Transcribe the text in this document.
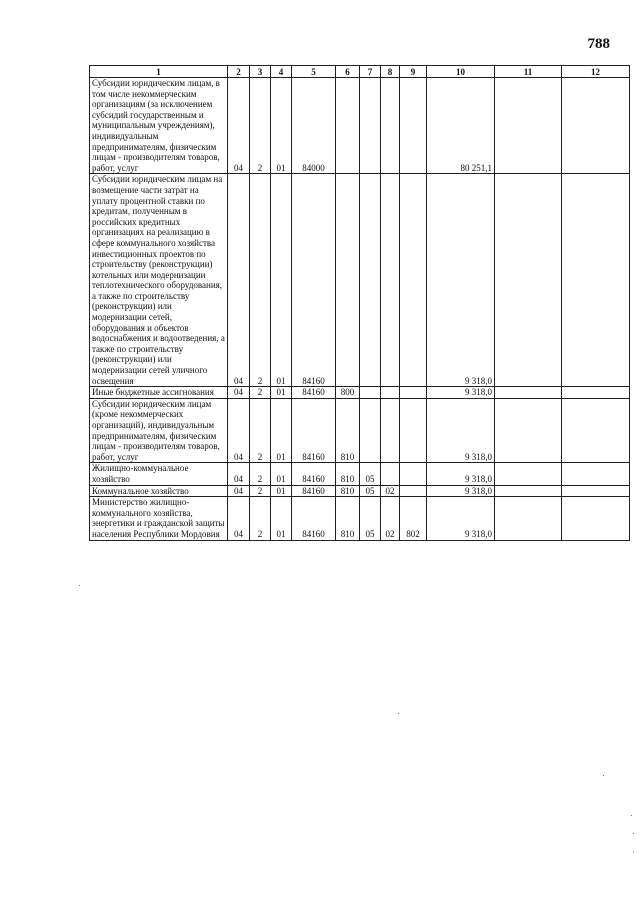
788
1	2	3	4	5	6	7	8	9	10	11	12
Субсидии юридическим лицам, в том числе некоммерческим организациям (за исключением субсидий государственным и муниципальным учреждениям), индивидуальным предпринимателям, физическим лицам - производителям товаров, работ, услуг	04	2	01	84000					80 251,1		
Субсидии юридическим лицам на возмещение части затрат на уплату процентной ставки по кредитам, полученным в российских кредитных организациях на реализацию в сфере коммунального хозяйства инвестиционных проектов по строительству (реконструкции) котельных или модернизации теплотехнического оборудования, а также по строительству (реконструкции) или модернизации сетей, оборудования и объектов водоснабжения и водоотведения, а также по строительству (реконструкции) или модернизации сетей уличного освещения	04	2	01	84160					9 318,0		
Иные бюджетные ассигнования	04	2	01	84160	800				9 318,0		
Субсидии юридическим лицам (кроме некоммерческих организаций), индивидуальным предпринимателям, физическим лицам - производителям товаров, работ, услуг	04	2	01	84160	810				9 318,0		
Жилищно-коммунальное хозяйство	04	2	01	84160	810	05			9 318,0		
Коммунальное хозяйство	04	2	01	84160	810	05	02		9 318,0		
Министерство жилищно-коммунального хозяйства, энергетики и гражданской защиты населения Республики Мордовия	04	2	01	84160	810	05	02	802	9 318,0		
